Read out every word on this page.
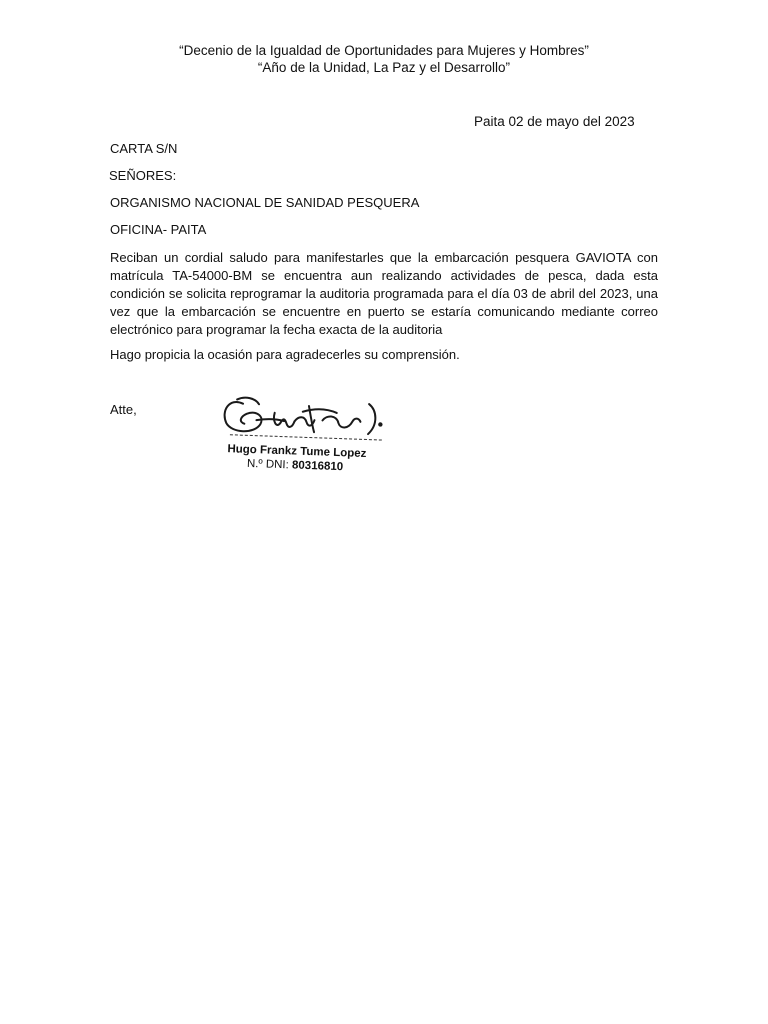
“Decenio de la Igualdad de Oportunidades para Mujeres y Hombres”
“Año de la Unidad, La Paz y el Desarrollo”
Paita 02 de mayo del 2023
CARTA S/N
SEÑORES:
ORGANISMO NACIONAL DE SANIDAD PESQUERA
OFICINA- PAITA

Reciban un cordial saludo para manifestarles que la embarcación pesquera GAVIOTA con matrícula TA-54000-BM se encuentra aun realizando actividades de pesca, dada esta condición se solicita reprogramar la auditoria programada para el día 03 de abril del 2023, una vez que la embarcación se encuentre en puerto se estaría comunicando mediante correo electrónico para programar la fecha exacta de la auditoria

Hago propicia la ocasión para agradecerles su comprensión.

Atte,
Hugo Frankz Tume Lopez
N.º DNI: 80316810
